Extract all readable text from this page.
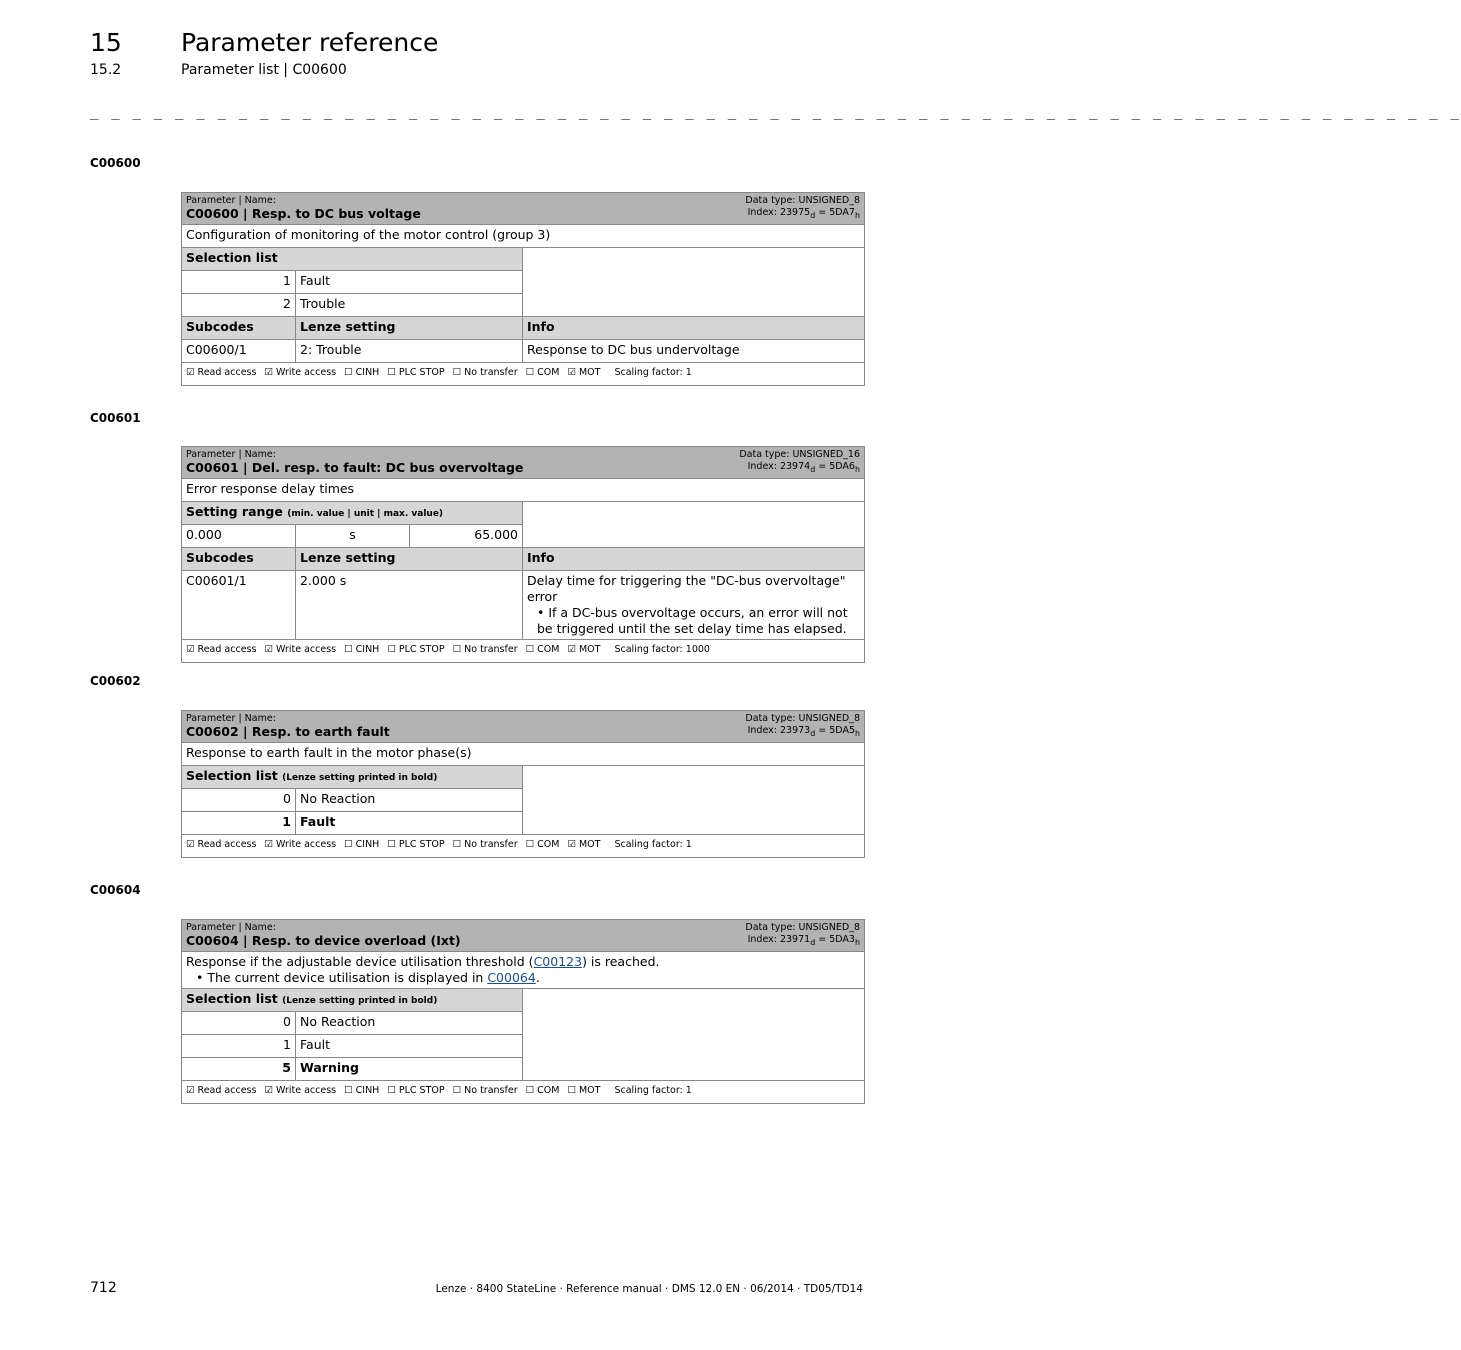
15 Parameter reference
15.2	Parameter list | C00600
_ _ _ _ _ _ _ _ _ _ _ _ _ _ _ _ _ _ _ _ _ _ _ _ _ _ _ _ _ _ _ _ _ _ _ _ _ _ _ _ _ _ _ _ _ _ _ _ _ _ _ _ _ _ _ _ _ _ _ _ _ _ _ _ _
C00600
Data type: UNSIGNED_8
Index: $23975_d = 5DA7_h$
Parameter | Name:
C00600 | Resp. to DC bus voltage		

Configuration of monitoring of the motor control (group 3)		
Selection list		
1	Fault	
2	Trouble	
Subcodes	Lenze setting	Info
C00600/1	2: Trouble	Response to DC bus undervoltage
☑ Read access ☑ Write access ☐ CINH ☐ PLC STOP ☐ No transfer ☐ COM ☑ MOT Scaling factor: 1		
C00601
Data type: UNSIGNED_16
Index: $23974_d = 5DA6_h$
Parameter | Name:
C00601 | Del. resp. to fault: DC bus overvoltage			

Error response delay times			
Setting range (min. value | unit | max. value)			
0.000	s	65.000	
Subcodes	Lenze setting		Info
C00601/1	2.000 s		Delay time for triggering the "DC-bus overvoltage" error
• If a DC-bus overvoltage occurs, an error will not be triggered until the set delay time has elapsed.

☑ Read access ☑ Write access ☐ CINH ☐ PLC STOP ☐ No transfer ☐ COM ☑ MOT Scaling factor: 1000			
C00602
Data type: UNSIGNED_8
Index: $23973_d = 5DA5_h$
Parameter | Name:
C00602 | Resp. to earth fault		

Response to earth fault in the motor phase(s)		
Selection list (Lenze setting printed in bold)		
0	No Reaction	
1	Fault	
☑ Read access ☑ Write access ☐ CINH ☐ PLC STOP ☐ No transfer ☐ COM ☑ MOT Scaling factor: 1		
C00604
Data type: UNSIGNED_8
Index: $23971_d = 5DA3_h$
Parameter | Name:
C00604 | Resp. to device overload (Ixt)		

Response if the adjustable device utilisation threshold (C00123) is reached.
• The current device utilisation is displayed in C00064.		

Selection list (Lenze setting printed in bold)		
0	No Reaction	
1	Fault	
5	Warning	
☑ Read access ☑ Write access ☐ CINH ☐ PLC STOP ☐ No transfer ☐ COM ☐ MOT Scaling factor: 1		
712	Lenze · 8400 StateLine · Reference manual · DMS 12.0 EN · 06/2014 · TD05/TD14
